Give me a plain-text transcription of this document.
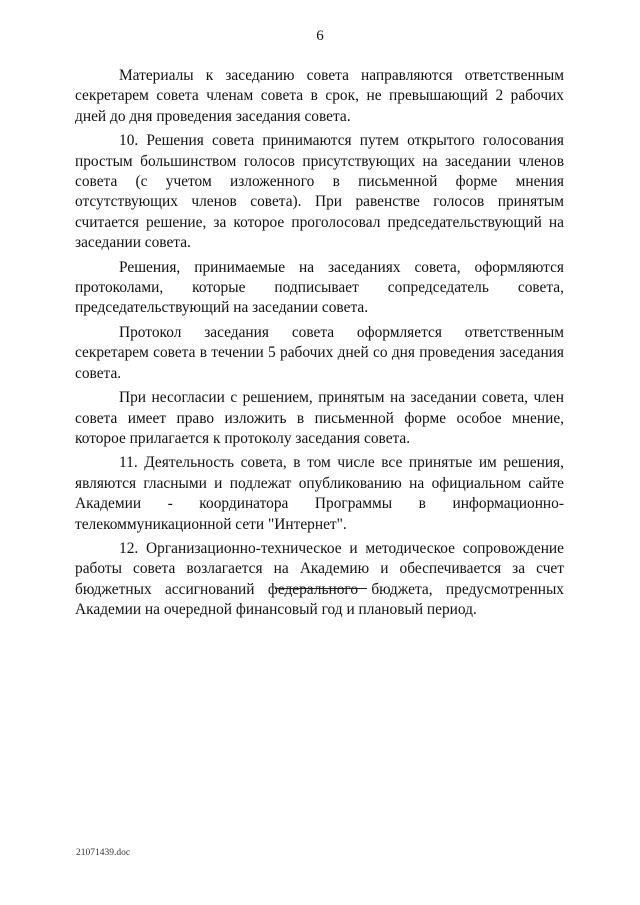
6

Материалы к заседанию совета направляются ответственным секретарем совета членам совета в срок, не превышающий 2 рабочих дней до дня проведения заседания совета.

10. Решения совета принимаются путем открытого голосования простым большинством голосов присутствующих на заседании членов совета (с учетом изложенного в письменной форме мнения отсутствующих членов совета). При равенстве голосов принятым считается решение, за которое проголосовал председательствующий на заседании совета.

Решения, принимаемые на заседаниях совета, оформляются протоколами, которые подписывает сопредседатель совета, председательствующий на заседании совета.

Протокол заседания совета оформляется ответственным секретарем совета в течении 5 рабочих дней со дня проведения заседания совета.

При несогласии с решением, принятым на заседании совета, член совета имеет право изложить в письменной форме особое мнение, которое прилагается к протоколу заседания совета.

11. Деятельность совета, в том числе все принятые им решения, являются гласными и подлежат опубликованию на официальном сайте Академии - координатора Программы в информационно-телекоммуникационной сети "Интернет".

12. Организационно-техническое и методическое сопровождение работы совета возлагается на Академию и обеспечивается за счет бюджетных ассигнований федерального бюджета, предусмотренных Академии на очередной финансовый год и плановый период.

21071439.doc
